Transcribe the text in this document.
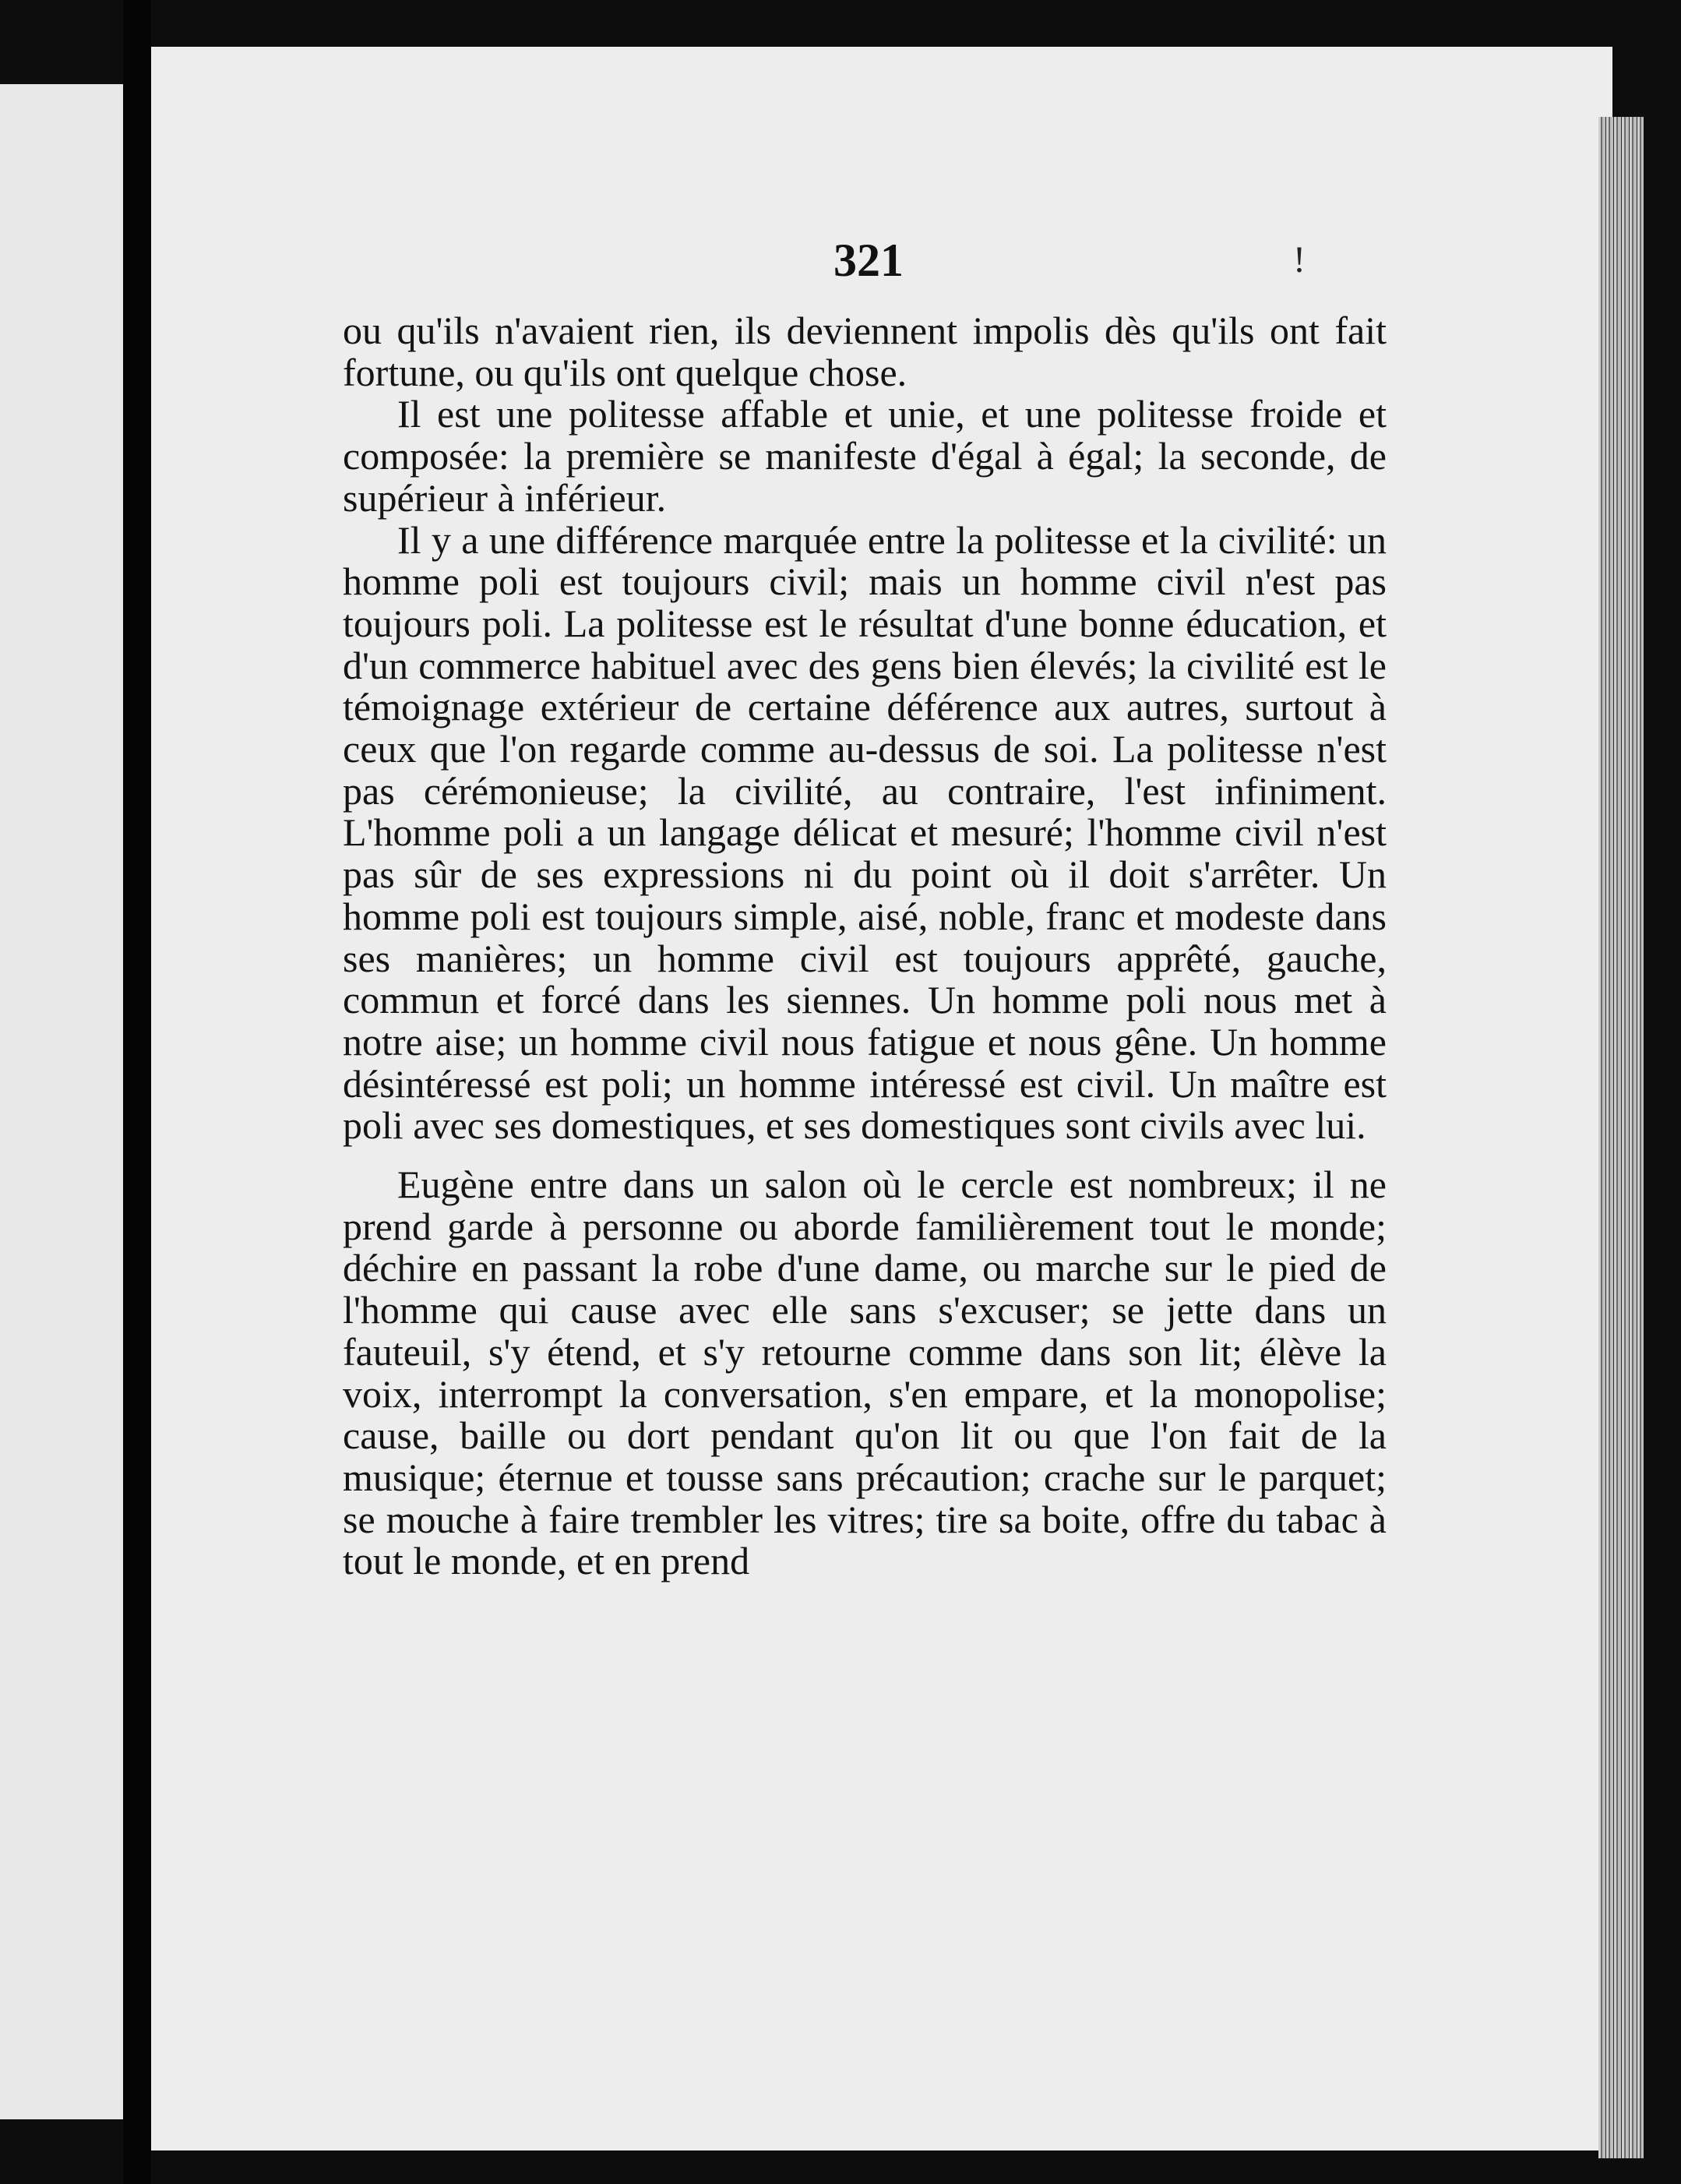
321	!

ou qu'ils n'avaient rien, ils deviennent impolis dès qu'ils ont fait fortune, ou qu'ils ont quelque chose.

Il est une politesse affable et unie, et une politesse froide et composée: la première se manifeste d'égal à égal; la seconde, de supérieur à inférieur.

Il y a une différence marquée entre la politesse et la civilité: un homme poli est toujours civil; mais un homme civil n'est pas toujours poli. La politesse est le résultat d'une bonne éducation, et d'un commerce habituel avec des gens bien élevés; la civilité est le témoignage extérieur de certaine déférence aux autres, surtout à ceux que l'on regarde comme au-dessus de soi. La politesse n'est pas cérémonieuse; la civilité, au contraire, l'est infiniment. L'homme poli a un langage délicat et mesuré; l'homme civil n'est pas sûr de ses expressions ni du point où il doit s'arrêter. Un homme poli est toujours simple, aisé, noble, franc et modeste dans ses manières; un homme civil est toujours apprêté, gauche, commun et forcé dans les siennes. Un homme poli nous met à notre aise; un homme civil nous fatigue et nous gêne. Un homme désintéressé est poli; un homme intéressé est civil. Un maître est poli avec ses domestiques, et ses domestiques sont civils avec lui.

Eugène entre dans un salon où le cercle est nombreux; il ne prend garde à personne ou aborde familièrement tout le monde; déchire en passant la robe d'une dame, ou marche sur le pied de l'homme qui cause avec elle sans s'excuser; se jette dans un fauteuil, s'y étend, et s'y retourne comme dans son lit; élève la voix, interrompt la conversation, s'en empare, et la monopolise; cause, baille ou dort pendant qu'on lit ou que l'on fait de la musique; éternue et tousse sans précaution; crache sur le parquet; se mouche à faire trembler les vitres; tire sa boite, offre du tabac à tout le monde, et en prend
